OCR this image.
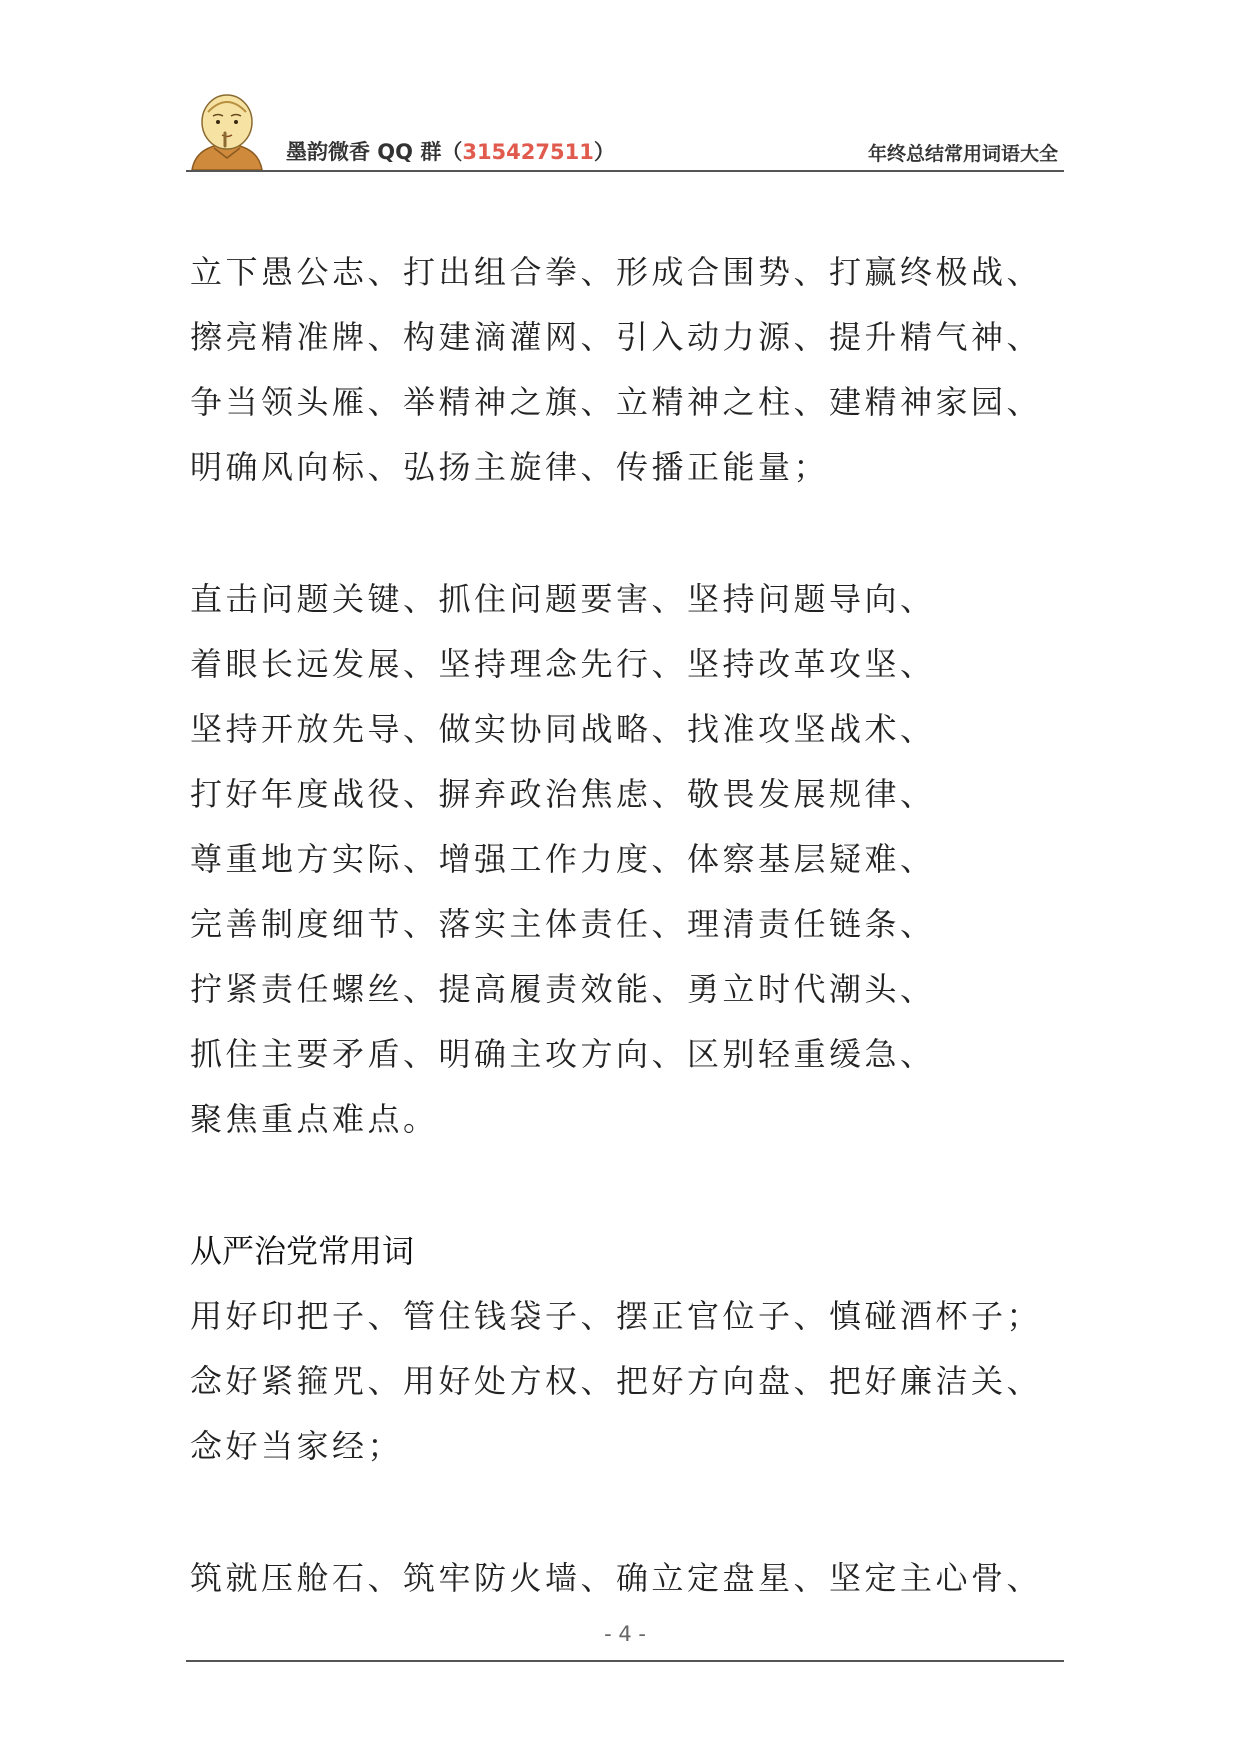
墨韵微香 QQ 群（315427511）	年终总结常用词语大全
立下愚公志、打出组合拳、形成合围势、打赢终极战、
擦亮精准牌、构建滴灌网、引入动力源、提升精气神、
争当领头雁、举精神之旗、立精神之柱、建精神家园、
明确风向标、弘扬主旋律、传播正能量；
直击问题关键、抓住问题要害、坚持问题导向、
着眼长远发展、坚持理念先行、坚持改革攻坚、
坚持开放先导、做实协同战略、找准攻坚战术、
打好年度战役、摒弃政治焦虑、敬畏发展规律、
尊重地方实际、增强工作力度、体察基层疑难、
完善制度细节、落实主体责任、理清责任链条、
拧紧责任螺丝、提高履责效能、勇立时代潮头、
抓住主要矛盾、明确主攻方向、区别轻重缓急、
聚焦重点难点。
从严治党常用词
用好印把子、管住钱袋子、摆正官位子、慎碰酒杯子；
念好紧箍咒、用好处方权、把好方向盘、把好廉洁关、
念好当家经；
筑就压舱石、筑牢防火墙、确立定盘星、坚定主心骨、
- 4 -
